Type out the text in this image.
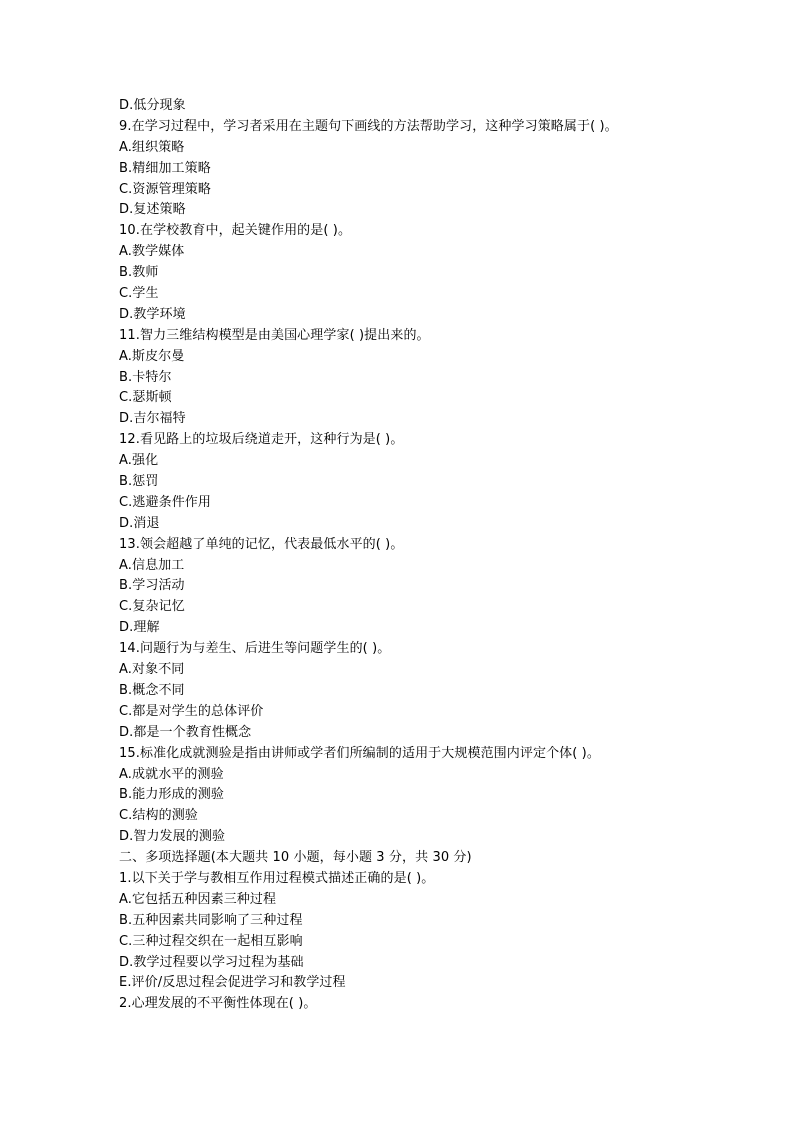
D.低分现象
9.在学习过程中，学习者采用在主题句下画线的方法帮助学习，这种学习策略属于( )。
A.组织策略
B.精细加工策略
C.资源管理策略
D.复述策略
10.在学校教育中，起关键作用的是( )。
A.教学媒体
B.教师
C.学生
D.教学环境
11.智力三维结构模型是由美国心理学家( )提出来的。
A.斯皮尔曼
B.卡特尔
C.瑟斯顿
D.吉尔福特
12.看见路上的垃圾后绕道走开，这种行为是( )。
A.强化
B.惩罚
C.逃避条件作用
D.消退
13.领会超越了单纯的记忆，代表最低水平的( )。
A.信息加工
B.学习活动
C.复杂记忆
D.理解
14.问题行为与差生、后进生等问题学生的( )。
A.对象不同
B.概念不同
C.都是对学生的总体评价
D.都是一个教育性概念
15.标准化成就测验是指由讲师或学者们所编制的适用于大规模范围内评定个体( )。
A.成就水平的测验
B.能力形成的测验
C.结构的测验
D.智力发展的测验
二、多项选择题(本大题共 10 小题，每小题 3 分，共 30 分)
1.以下关于学与教相互作用过程模式描述正确的是( )。
A.它包括五种因素三种过程
B.五种因素共同影响了三种过程
C.三种过程交织在一起相互影响
D.教学过程要以学习过程为基础
E.评价/反思过程会促进学习和教学过程
2.心理发展的不平衡性体现在( )。
